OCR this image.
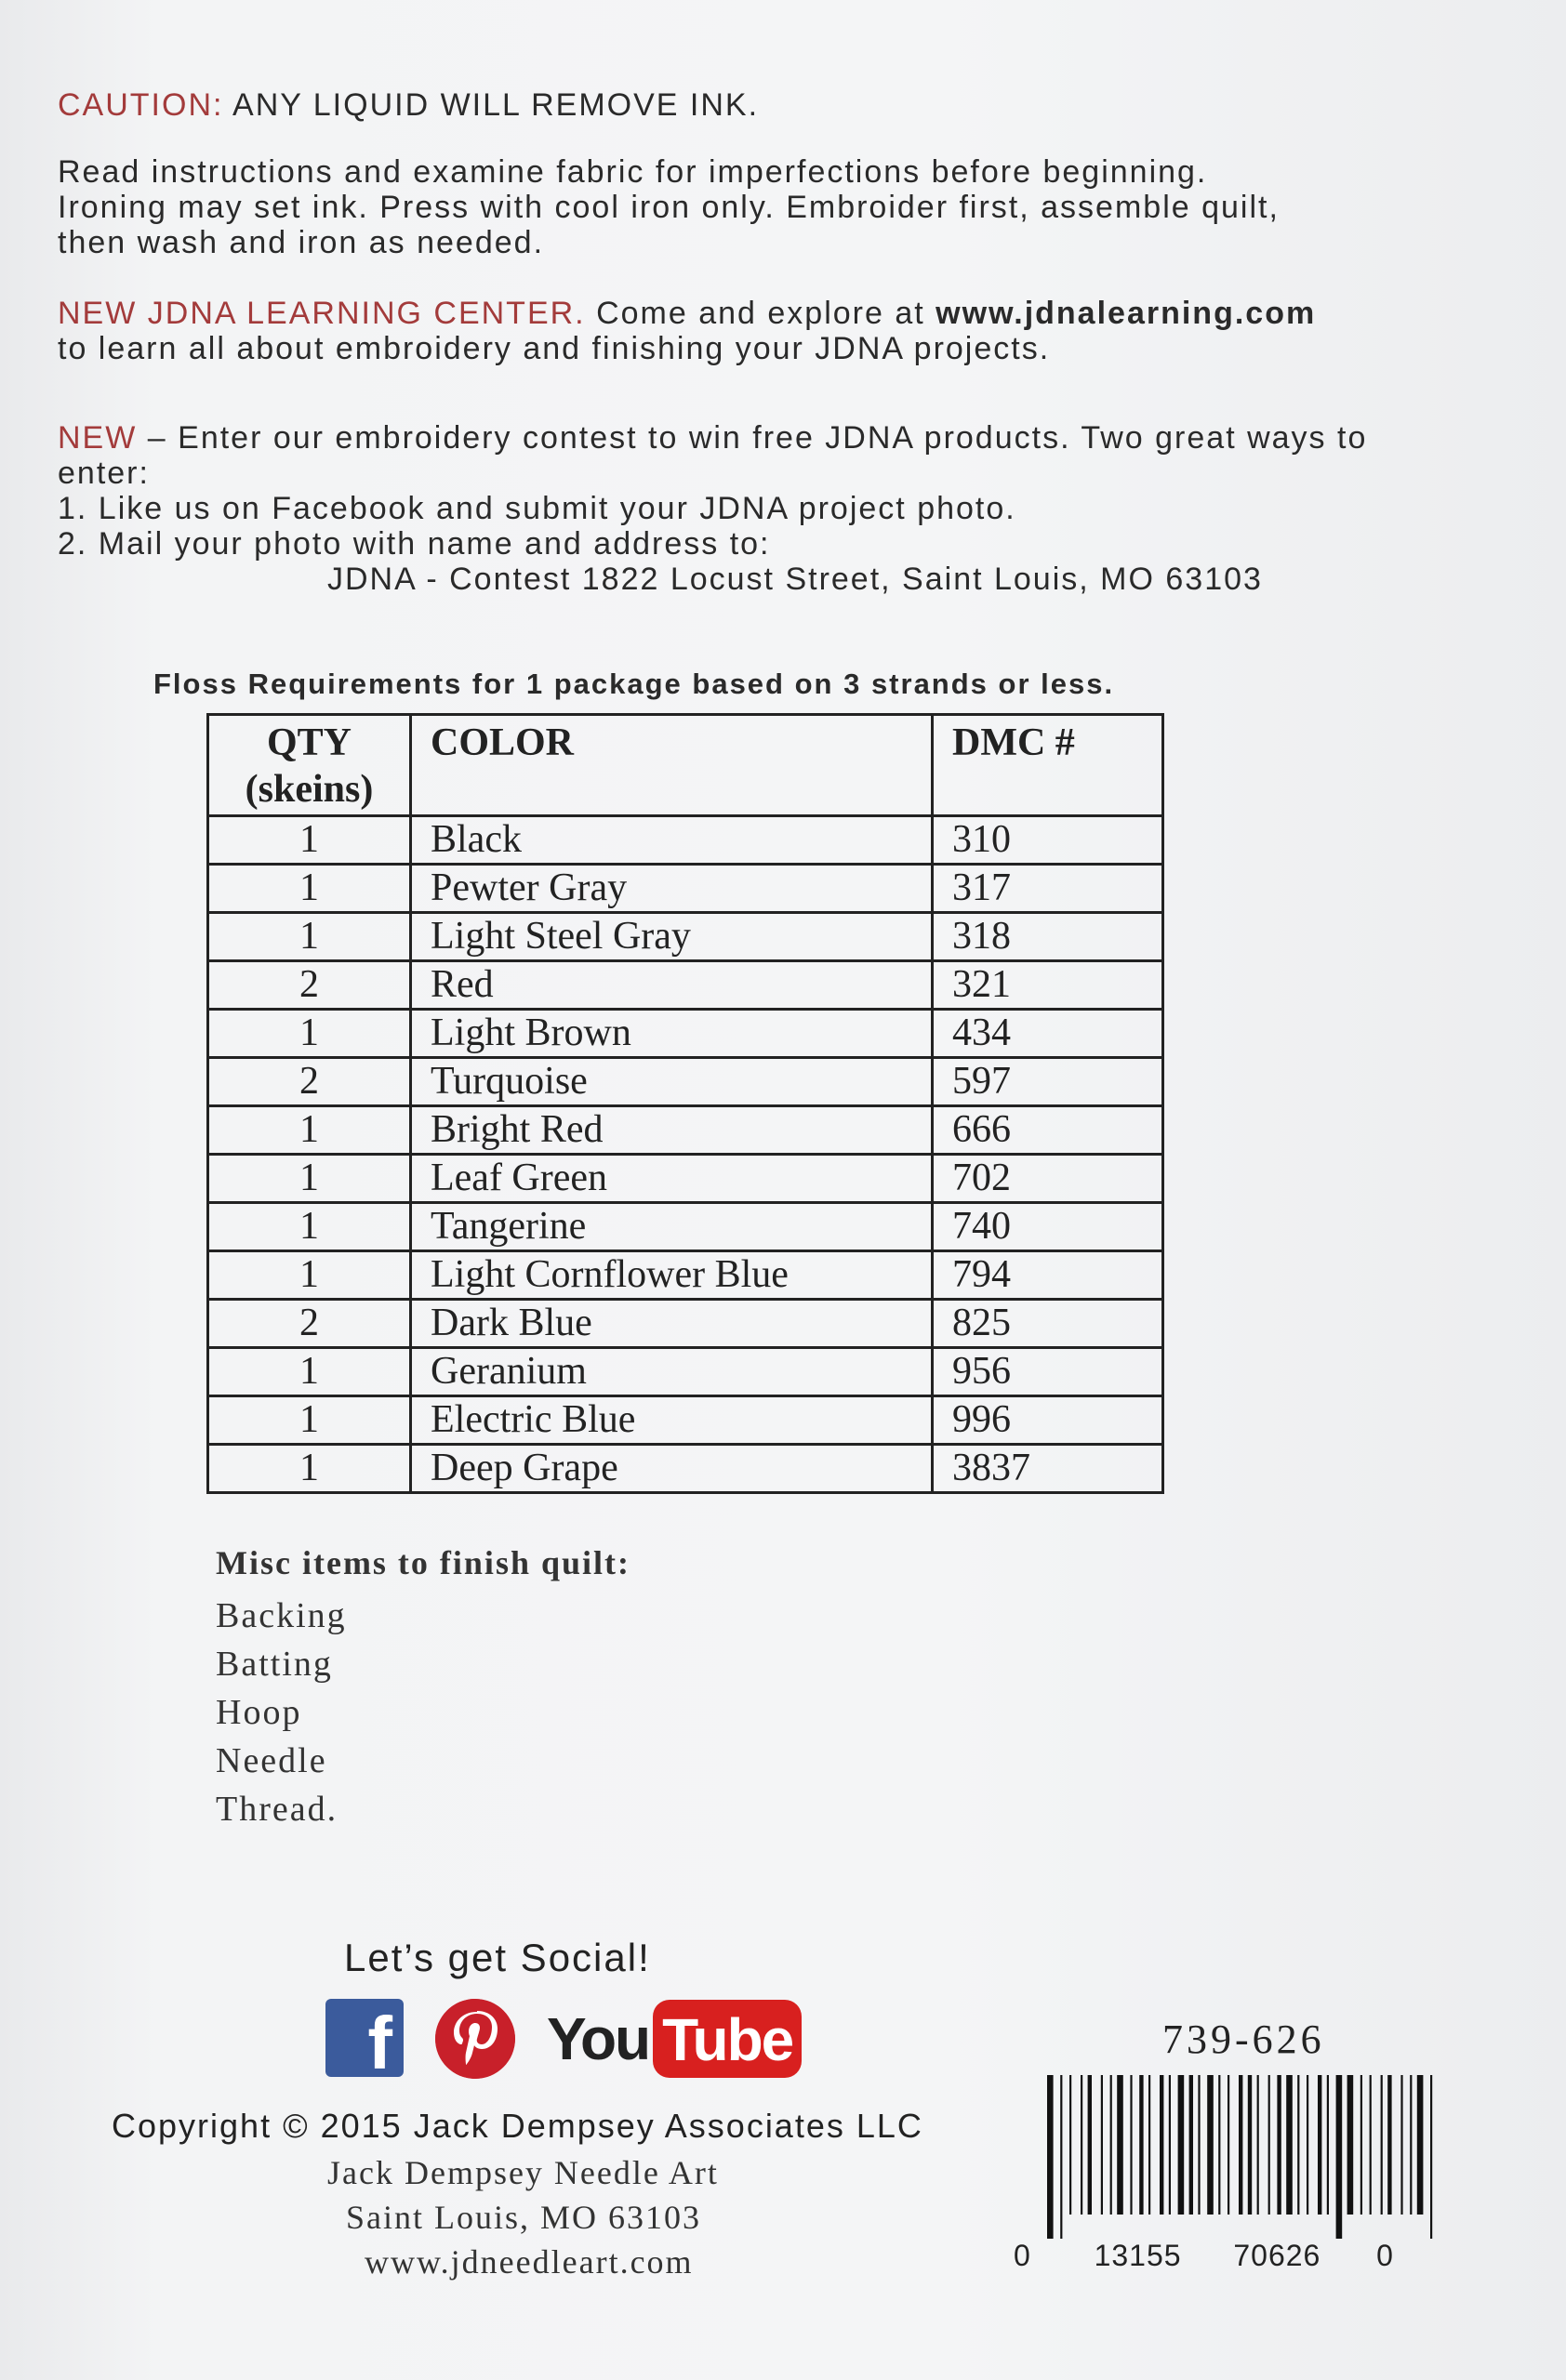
CAUTION: ANY LIQUID WILL REMOVE INK.
Read instructions and examine fabric for imperfections before beginning.
Ironing may set ink. Press with cool iron only. Embroider first, assemble quilt,
then wash and iron as needed.
NEW JDNA LEARNING CENTER. Come and explore at www.jdnalearning.com
to learn all about embroidery and finishing your JDNA projects.
NEW – Enter our embroidery contest to win free JDNA products. Two great ways to
enter:
1. Like us on Facebook and submit your JDNA project photo.
2. Mail your photo with name and address to:
JDNA - Contest 1822 Locust Street, Saint Louis, MO 63103
Floss Requirements for 1 package based on 3 strands or less.
QTY
(skeins)	COLOR	DMC #
1	Black	310
1	Pewter Gray	317
1	Light Steel Gray	318
2	Red	321
1	Light Brown	434
2	Turquoise	597
1	Bright Red	666
1	Leaf Green	702
1	Tangerine	740
1	Light Cornflower Blue	794
2	Dark Blue	825
1	Geranium	956
1	Electric Blue	996
1	Deep Grape	3837
Misc items to finish quilt:
Backing
Batting
Hoop
Needle
Thread.
Let’s get Social!
f	You Tube
Copyright © 2015 Jack Dempsey Associates LLC
Jack Dempsey Needle Art
Saint Louis, MO 63103
www.jdneedleart.com
739-626
0 13155 70626 0
